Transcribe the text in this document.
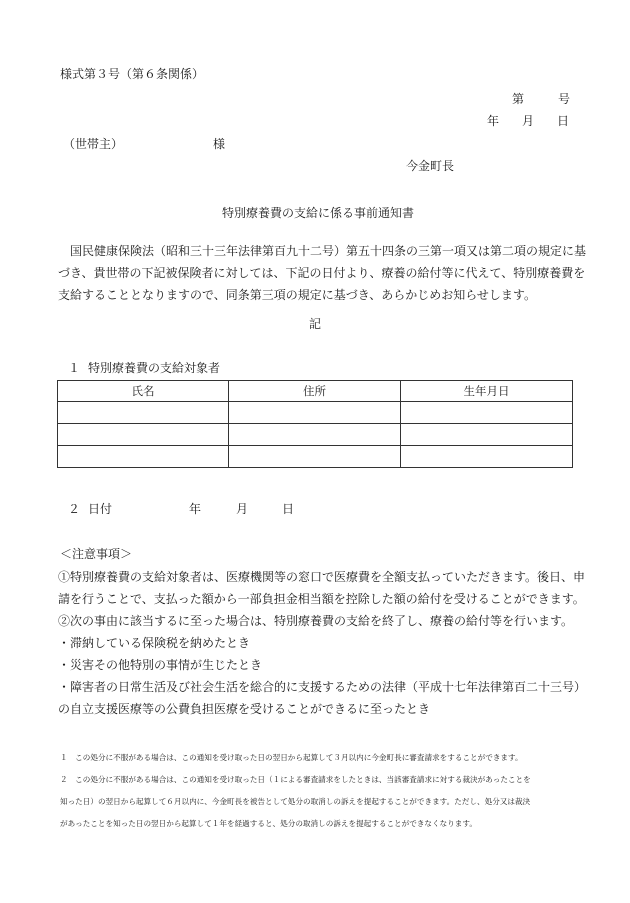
様式第３号（第６条関係）
第	号
年 月 日
（世帯主）	様
今金町長
特別療養費の支給に係る事前通知書
　国民健康保険法（昭和三十三年法律第百九十二号）第五十四条の三第一項又は第二項の規定に基
づき、貴世帯の下記被保険者に対しては、下記の日付より、療養の給付等に代えて、特別療養費を
支給することとなりますので、同条第三項の規定に基づき、あらかじめお知らせします。
記
１ 特別療養費の支給対象者
氏名	住所	生年月日

２ 日付	年	月	日
＜注意事項＞
①特別療養費の支給対象者は、医療機関等の窓口で医療費を全額支払っていただきます。後日、申
請を行うことで、支払った額から一部負担金相当額を控除した額の給付を受けることができます。
②次の事由に該当するに至った場合は、特別療養費の支給を終了し、療養の給付等を行います。
・滞納している保険税を納めたとき
・災害その他特別の事情が生じたとき
・障害者の日常生活及び社会生活を総合的に支援するための法律（平成十七年法律第百二十三号）
の自立支援医療等の公費負担医療を受けることができるに至ったとき
１　この処分に不服がある場合は、この通知を受け取った日の翌日から起算して３月以内に今金町長に審査請求をすることができます。
２　この処分に不服がある場合は、この通知を受け取った日（１による審査請求をしたときは、当該審査請求に対する裁決があったことを
知った日）の翌日から起算して６月以内に、今金町長を被告として処分の取消しの訴えを提起することができます。ただし、処分又は裁決
があったことを知った日の翌日から起算して１年を経過すると、処分の取消しの訴えを提起することができなくなります。
